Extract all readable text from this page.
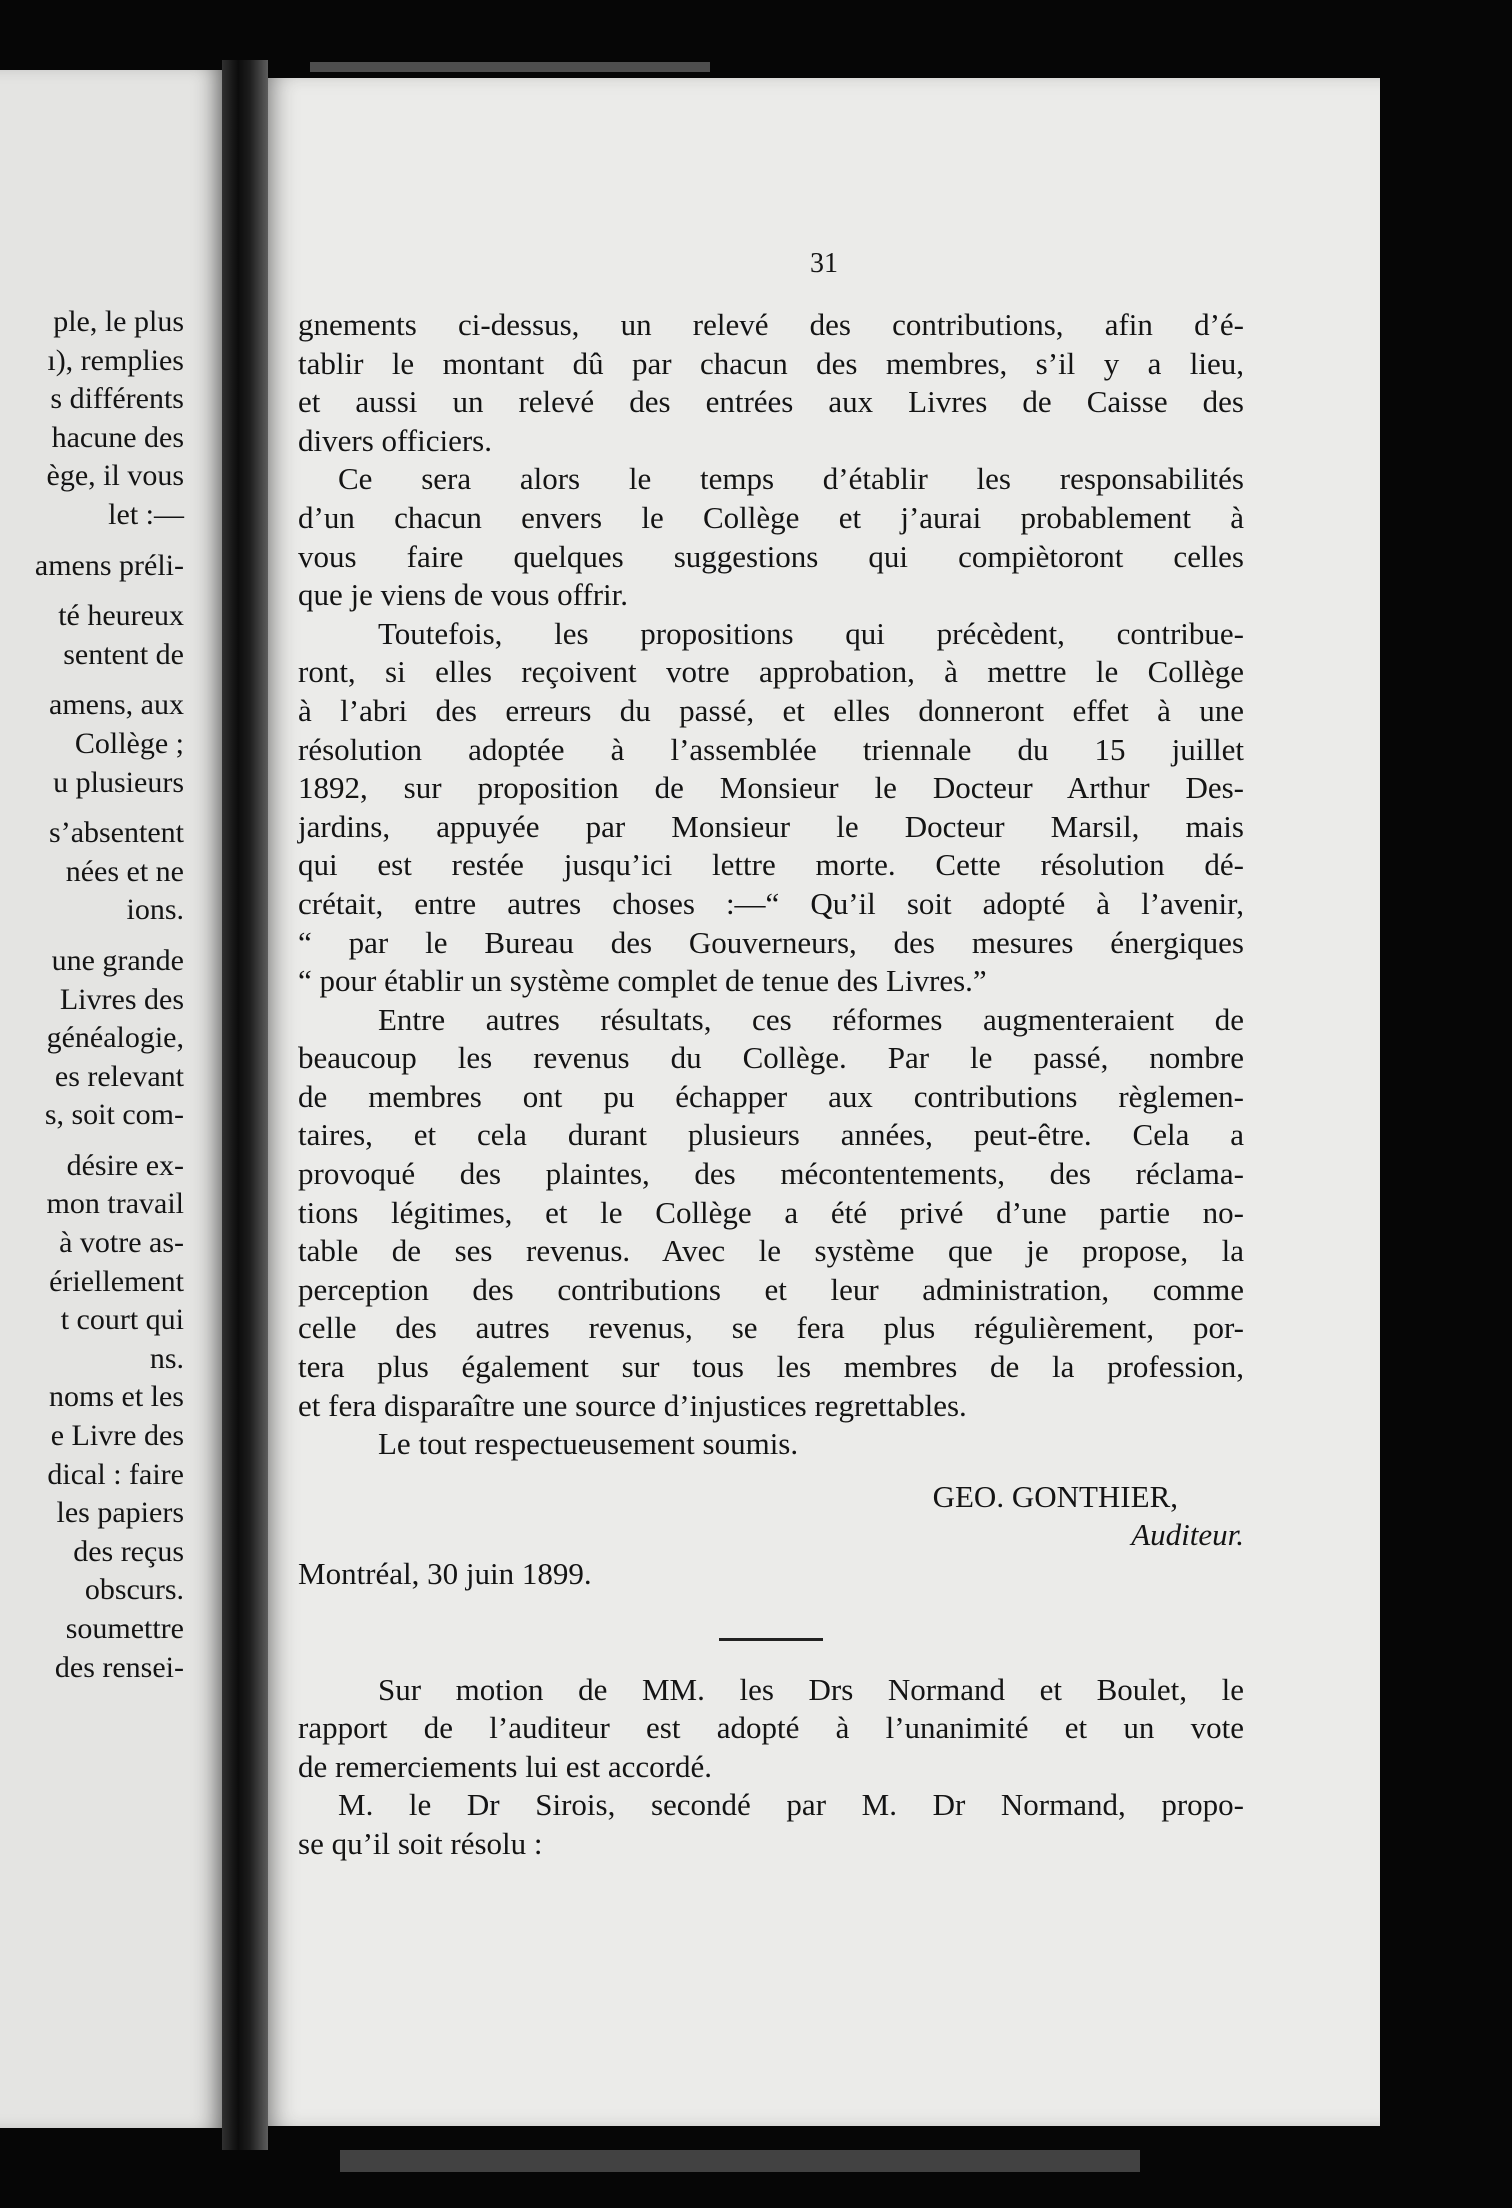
ple, le plus
ı), remplies
s différents
hacune des
ège, il vous
let :—
amens préli-
té heureux
sentent de
amens, aux
Collège ;
u plusieurs
s’absentent
nées et ne
ions.
une grande
Livres des
généalogie,
es relevant
s, soit com-
désire ex-
mon travail
à votre as-
ériellement
t court qui
ns.
noms et les
e Livre des
dical : faire
les papiers
des reçus
obscurs.
soumettre
des rensei-
31
gnements ci-dessus, un relevé des contributions, afin d’é-
tablir le montant dû par chacun des membres, s’il y a lieu,
et aussi un relevé des entrées aux Livres de Caisse des
divers officiers.
Ce sera alors le temps d’établir les responsabilités
d’un chacun envers le Collège et j’aurai probablement à
vous faire quelques suggestions qui compiètoront celles
que je viens de vous offrir.
Toutefois, les propositions qui précèdent, contribue-
ront, si elles reçoivent votre approbation, à mettre le Collège
à l’abri des erreurs du passé, et elles donneront effet à une
résolution adoptée à l’assemblée triennale du 15 juillet
1892, sur proposition de Monsieur le Docteur Arthur Des-
jardins, appuyée par Monsieur le Docteur Marsil, mais
qui est restée jusqu’ici lettre morte. Cette résolution dé-
crétait, entre autres choses :—“ Qu’il soit adopté à l’avenir,
“ par le Bureau des Gouverneurs, des mesures énergiques
“ pour établir un système complet de tenue des Livres.”
Entre autres résultats, ces réformes augmenteraient de
beaucoup les revenus du Collège. Par le passé, nombre
de membres ont pu échapper aux contributions règlemen-
taires, et cela durant plusieurs années, peut-être. Cela a
provoqué des plaintes, des mécontentements, des réclama-
tions légitimes, et le Collège a été privé d’une partie no-
table de ses revenus. Avec le système que je propose, la
perception des contributions et leur administration, comme
celle des autres revenus, se fera plus régulièrement, por-
tera plus également sur tous les membres de la profession,
et fera disparaître une source d’injustices regrettables.
Le tout respectueusement soumis.
GEO. GONTHIER,
Auditeur.
Montréal, 30 juin 1899.
Sur motion de MM. les Drs Normand et Boulet, le
rapport de l’auditeur est adopté à l’unanimité et un vote
de remerciements lui est accordé.
M. le Dr Sirois, secondé par M. Dr Normand, propo-
se qu’il soit résolu :
